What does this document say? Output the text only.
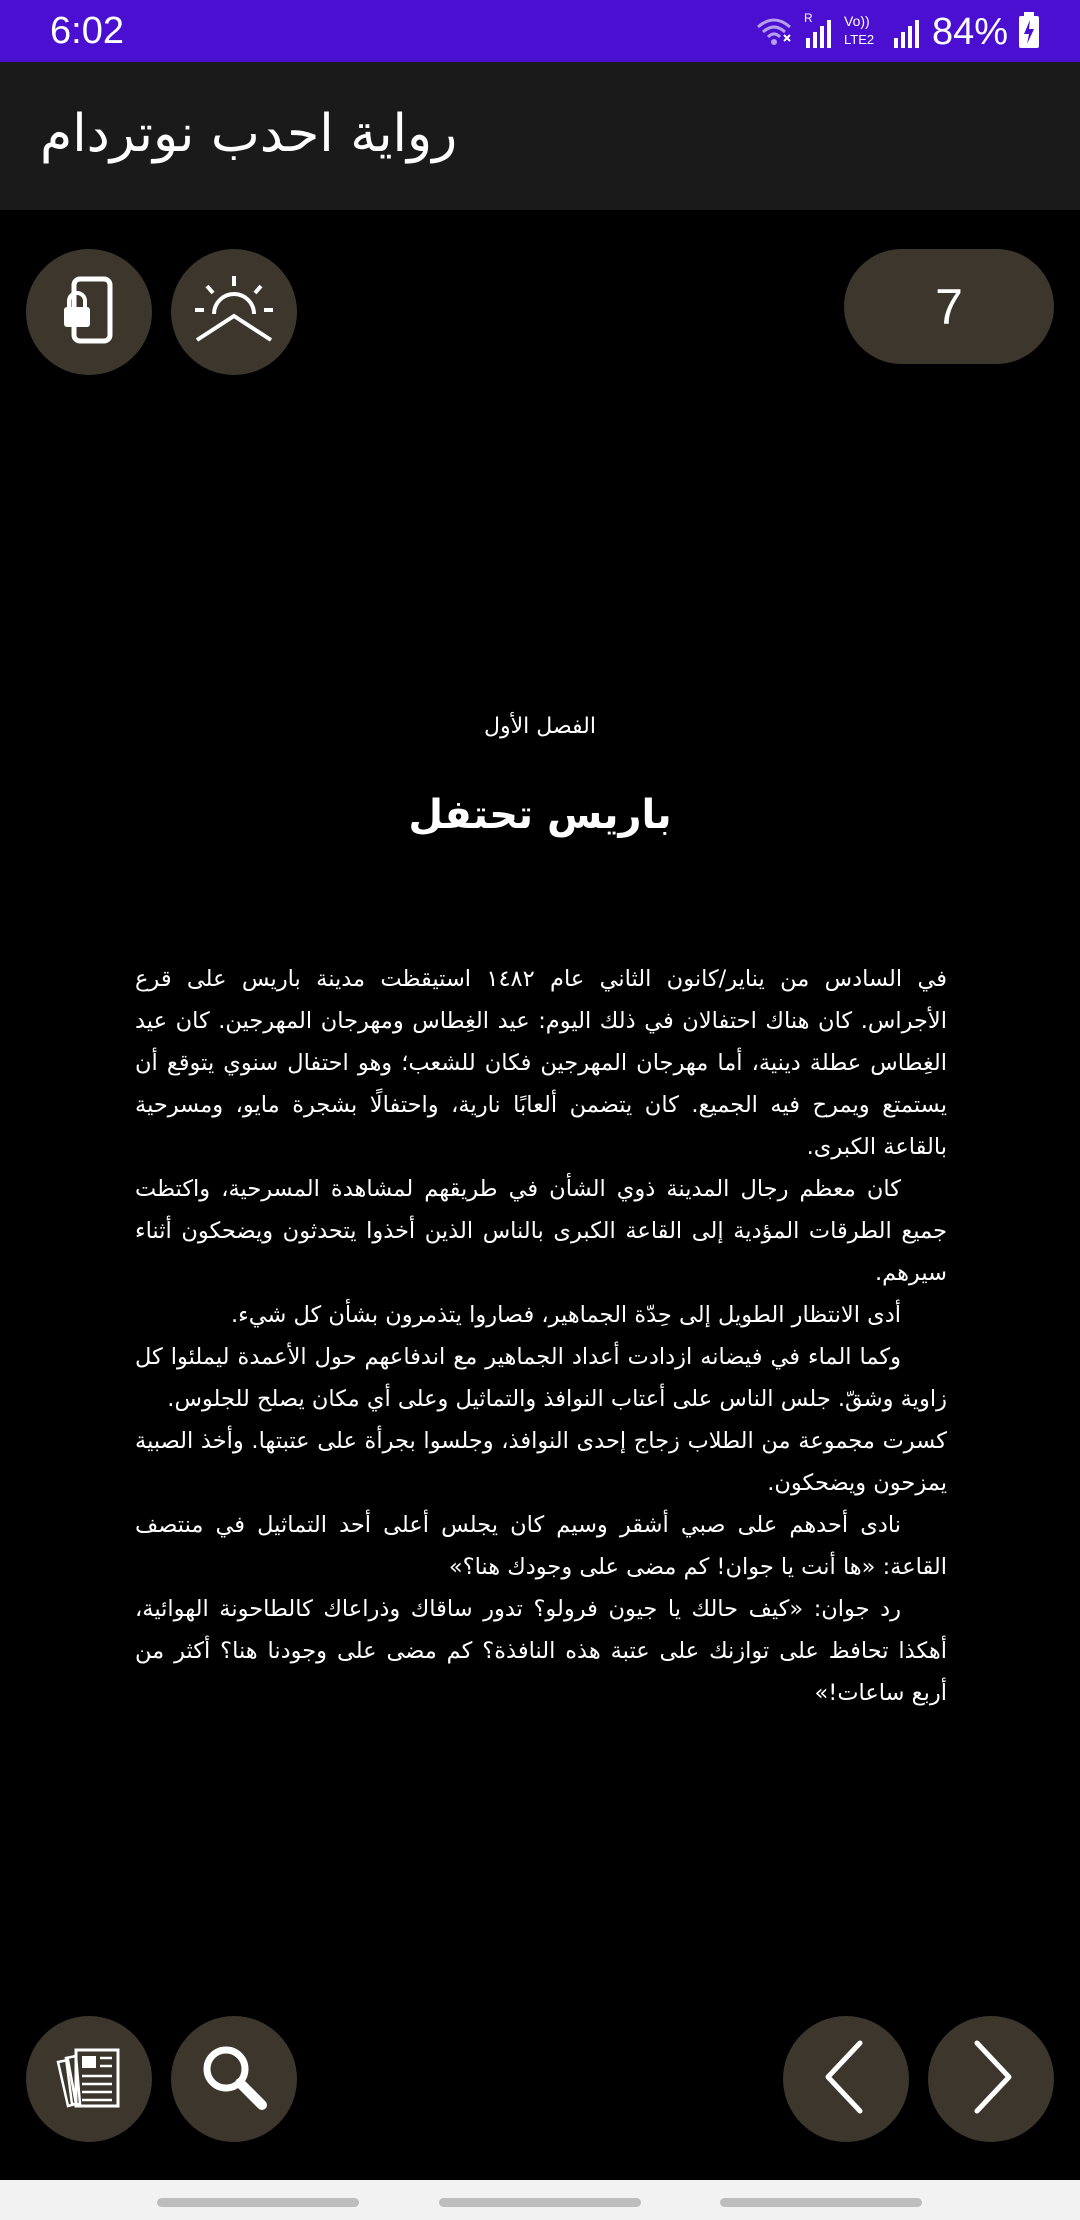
6:02	R Vo))
LTE2 84%
رواية احدب نوتردام
7
الفصل الأول
باريس تحتفل

في السادس من يناير/كانون الثاني عام ١٤٨٢ استيقظت مدينة باريس على قرع الأجراس. كان هناك احتفالان في ذلك اليوم: عيد الغِطاس ومهرجان المهرجين. كان عيد الغِطاس عطلة دينية، أما مهرجان المهرجين فكان للشعب؛ وهو احتفال سنوي يتوقع أن يستمتع ويمرح فيه الجميع. كان يتضمن ألعابًا نارية، واحتفالًا بشجرة مايو، ومسرحية بالقاعة الكبرى.

كان معظم رجال المدينة ذوي الشأن في طريقهم لمشاهدة المسرحية، واكتظت جميع الطرقات المؤدية إلى القاعة الكبرى بالناس الذين أخذوا يتحدثون ويضحكون أثناء سيرهم.

أدى الانتظار الطويل إلى حِدّة الجماهير، فصاروا يتذمرون بشأن كل شيء.

وكما الماء في فيضانه ازدادت أعداد الجماهير مع اندفاعهم حول الأعمدة ليملئوا كل زاوية وشقّ. جلس الناس على أعتاب النوافذ والتماثيل وعلى أي مكان يصلح للجلوس.

كسرت مجموعة من الطلاب زجاج إحدى النوافذ، وجلسوا بجرأة على عتبتها. وأخذ الصبية يمزحون ويضحكون.

نادى أحدهم على صبي أشقر وسيم كان يجلس أعلى أحد التماثيل في منتصف القاعة: «ها أنت يا جوان! كم مضى على وجودك هنا؟»

رد جوان: «كيف حالك يا جيون فرولو؟ تدور ساقاك وذراعاك كالطاحونة الهوائية، أهكذا تحافظ على توازنك على عتبة هذه النافذة؟ كم مضى على وجودنا هنا؟ أكثر من أربع ساعات!»
